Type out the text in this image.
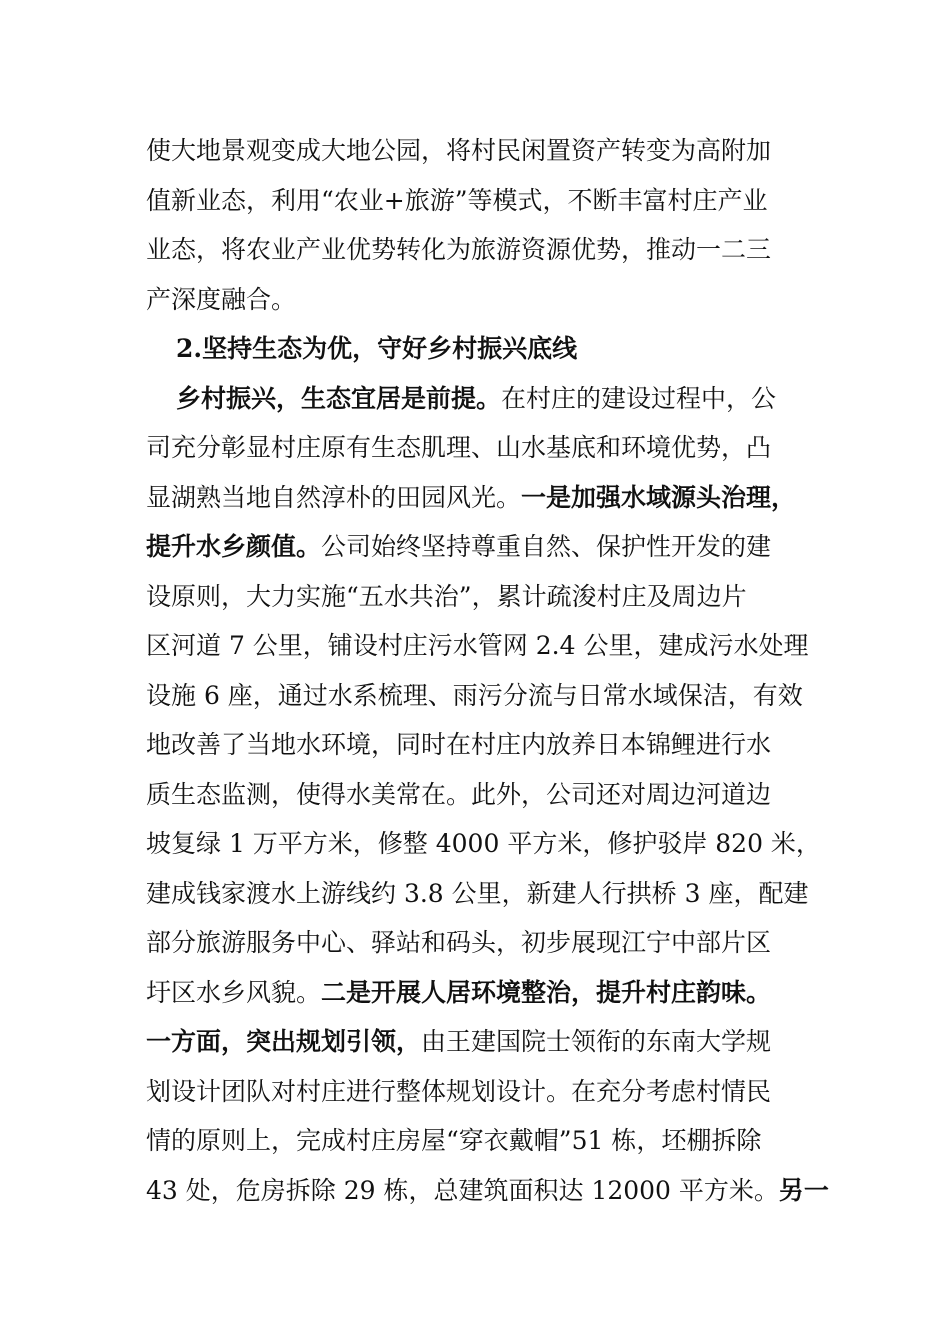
使大地景观变成大地公园，将村民闲置资产转变为高附加
值新业态，利用“农业+旅游”等模式，不断丰富村庄产业
业态，将农业产业优势转化为旅游资源优势，推动一二三
产深度融合。
2.坚持生态为优，守好乡村振兴底线
乡村振兴，生态宜居是前提。在村庄的建设过程中，公
司充分彰显村庄原有生态肌理、山水基底和环境优势，凸
显湖熟当地自然淳朴的田园风光。一是加强水域源头治理，
提升水乡颜值。公司始终坚持尊重自然、保护性开发的建
设原则，大力实施“五水共治”，累计疏浚村庄及周边片
区河道 7 公里，铺设村庄污水管网 2.4 公里，建成污水处理
设施 6 座，通过水系梳理、雨污分流与日常水域保洁，有效
地改善了当地水环境，同时在村庄内放养日本锦鲤进行水
质生态监测，使得水美常在。此外，公司还对周边河道边
坡复绿 1 万平方米，修整 4000 平方米，修护驳岸 820 米，
建成钱家渡水上游线约 3.8 公里，新建人行拱桥 3 座，配建
部分旅游服务中心、驿站和码头，初步展现江宁中部片区
圩区水乡风貌。二是开展人居环境整治，提升村庄韵味。
一方面，突出规划引领，由王建国院士领衔的东南大学规
划设计团队对村庄进行整体规划设计。在充分考虑村情民
情的原则上，完成村庄房屋“穿衣戴帽”51 栋，坯棚拆除
43 处，危房拆除 29 栋，总建筑面积达 12000 平方米。另一
